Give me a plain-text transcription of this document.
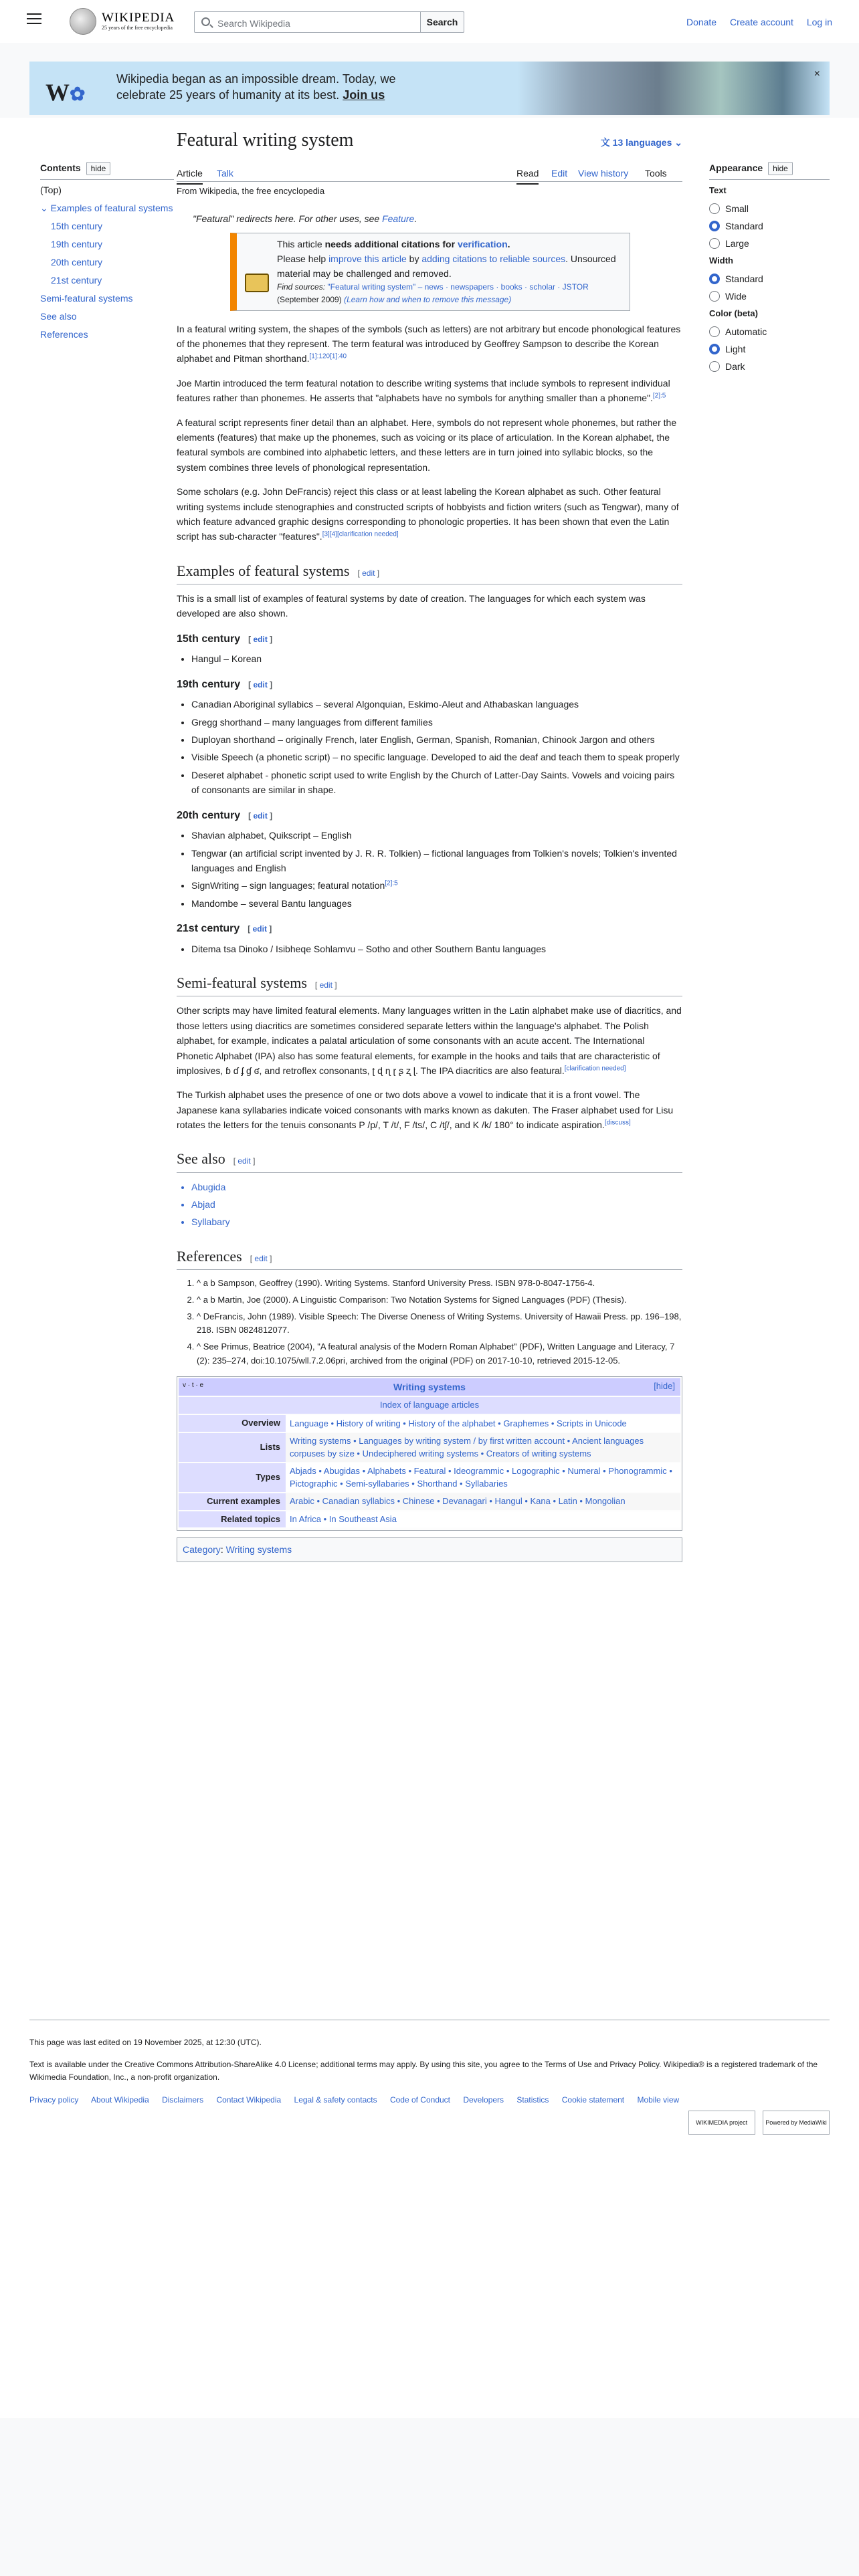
WIKIPEDIA
25 years of the free encyclopedia	Search Wikipedia	Search	Donate Create account Log in
W✿
Wikipedia began as an impossible dream. Today, we
celebrate 25 years of humanity at its best. Join us
×
Contents hide
(Top)
⌄ Examples of featural systems
15th century
19th century
20th century
21st century
Semi-featural systems
See also
References
Featural writing system	文 13 languages ⌄
Article Talk	Read Edit View history Tools
From Wikipedia, the free encyclopedia
"Featural" redirects here. For other uses, see Feature.
This article needs additional citations for verification.
Please help improve this article by adding citations to reliable sources. Unsourced material may be challenged and removed.
Find sources: "Featural writing system" – news · newspapers · books · scholar · JSTOR (September 2009) (Learn how and when to remove this message)

In a featural writing system, the shapes of the symbols (such as letters) are not arbitrary but encode phonological features of the phonemes that they represent. The term featural was introduced by Geoffrey Sampson to describe the Korean alphabet and Pitman shorthand.$^{[1]:120[1]:40}$

Joe Martin introduced the term featural notation to describe writing systems that include symbols to represent individual features rather than phonemes. He asserts that "alphabets have no symbols for anything smaller than a phoneme".$^{[2]:5}$

A featural script represents finer detail than an alphabet. Here, symbols do not represent whole phonemes, but rather the elements (features) that make up the phonemes, such as voicing or its place of articulation. In the Korean alphabet, the featural symbols are combined into alphabetic letters, and these letters are in turn joined into syllabic blocks, so the system combines three levels of phonological representation.

Some scholars (e.g. John DeFrancis) reject this class or at least labeling the Korean alphabet as such. Other featural writing systems include stenographies and constructed scripts of hobbyists and fiction writers (such as Tengwar), many of which feature advanced graphic designs corresponding to phonologic properties. It has been shown that even the Latin script has sub-character "features".[3][4][clarification needed]

Examples of featural systems [ edit ]

This is a small list of examples of featural systems by date of creation. The languages for which each system was developed are also shown.

15th century [ edit ]
• Hangul – Korean
19th century [ edit ]
• Canadian Aboriginal syllabics – several Algonquian, Eskimo-Aleut and Athabaskan languages
• Gregg shorthand – many languages from different families
• Duployan shorthand – originally French, later English, German, Spanish, Romanian, Chinook Jargon and others
• Visible Speech (a phonetic script) – no specific language. Developed to aid the deaf and teach them to speak properly
• Deseret alphabet - phonetic script used to write English by the Church of Latter-Day Saints. Vowels and voicing pairs of consonants are similar in shape.
20th century [ edit ]
• Shavian alphabet, Quikscript – English
• Tengwar (an artificial script invented by J. R. R. Tolkien) – fictional languages from Tolkien's novels; Tolkien's invented languages and English
• SignWriting – sign languages; featural notation$^{[2]:5}$
• Mandombe – several Bantu languages
21st century [ edit ]
• Ditema tsa Dinoko / Isibheqe Sohlamvu – Sotho and other Southern Bantu languages
Semi-featural systems [ edit ]

Other scripts may have limited featural elements. Many languages written in the Latin alphabet make use of diacritics, and those letters using diacritics are sometimes considered separate letters within the language's alphabet. The Polish alphabet, for example, indicates a palatal articulation of some consonants with an acute accent. The International Phonetic Alphabet (IPA) also has some featural elements, for example in the hooks and tails that are characteristic of implosives, ɓ ɗ ʄ ɠ ʛ, and retroflex consonants, ʈ ɖ ɳ ɽ ʂ ʐ ɭ. The IPA diacritics are also featural.[clarification needed]

The Turkish alphabet uses the presence of one or two dots above a vowel to indicate that it is a front vowel. The Japanese kana syllabaries indicate voiced consonants with marks known as dakuten. The Fraser alphabet used for Lisu rotates the letters for the tenuis consonants P /p/, T /t/, F /ts/, C /tʃ/, and K /k/ 180° to indicate aspiration.[discuss]

See also [ edit ]
• Abugida
• Abjad
• Syllabary
References [ edit ]
1. ^ a b Sampson, Geoffrey (1990). Writing Systems. Stanford University Press. ISBN 978-0-8047-1756-4.
2. ^ a b Martin, Joe (2000). A Linguistic Comparison: Two Notation Systems for Signed Languages (PDF) (Thesis).
3. ^ DeFrancis, John (1989). Visible Speech: The Diverse Oneness of Writing Systems. University of Hawaii Press. pp. 196–198, 218. ISBN 0824812077.
4. ^ See Primus, Beatrice (2004), "A featural analysis of the Modern Roman Alphabet" (PDF), Written Language and Literacy, 7 (2): 235–274, doi:10.1075/wll.7.2.06pri, archived from the original (PDF) on 2017-10-10, retrieved 2015-12-05.
v · t · e	Writing systems	[hide]
Index of language articles
Overview	Language • History of writing • History of the alphabet • Graphemes • Scripts in Unicode
Lists	Writing systems • Languages by writing system / by first written account • Ancient languages corpuses by size • Undeciphered writing systems • Creators of writing systems
Types	Abjads • Abugidas • Alphabets • Featural • Ideogrammic • Logographic • Numeral • Phonogrammic • Pictographic • Semi-syllabaries • Shorthand • Syllabaries
Current examples	Arabic • Canadian syllabics • Chinese • Devanagari • Hangul • Kana • Latin • Mongolian
Related topics	In Africa • In Southeast Asia
Category: Writing systems
Appearance hide
Text
Small
Standard
Large
Width
Standard
Wide
Color (beta)
Automatic
Light
Dark

This page was last edited on 19 November 2025, at 12:30 (UTC).

Text is available under the Creative Commons Attribution-ShareAlike 4.0 License; additional terms may apply. By using this site, you agree to the Terms of Use and Privacy Policy. Wikipedia® is a registered trademark of the Wikimedia Foundation, Inc., a non-profit organization.

Privacy policy About Wikipedia Disclaimers Contact Wikipedia Legal & safety contacts Code of Conduct Developers Statistics Cookie statement Mobile view
WIKIMEDIA project	Powered by MediaWiki
